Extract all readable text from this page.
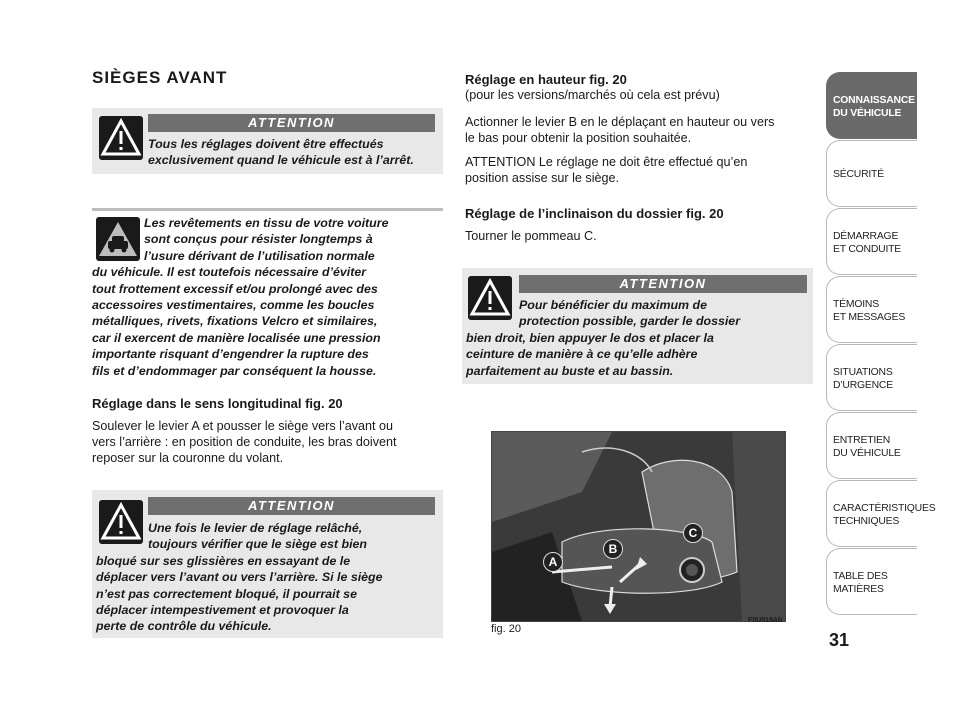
SIÈGES AVANT
ATTENTION

Tous les réglages doivent être effectués
exclusivement quand le véhicule est à l’arrêt.

Les revêtements en tissu de votre voiture
sont conçus pour résister longtemps à
l’usure dérivant de l’utilisation normale
du véhicule. Il est toutefois nécessaire d’éviter
tout frottement excessif et/ou prolongé avec des
accessoires vestimentaires, comme les boucles
métalliques, rivets, fixations Velcro et similaires,
car il exercent de manière localisée une pression
importante risquant d’engendrer la rupture des
fils et d’endommager par conséquent la housse.

Réglage dans le sens longitudinal fig. 20

Soulever le levier A et pousser le siège vers l’avant ou
vers l’arrière : en position de conduite, les bras doivent
reposer sur la couronne du volant.

ATTENTION

Une fois le levier de réglage relâché,
toujours vérifier que le siège est bien
bloqué sur ses glissières en essayant de le
déplacer vers l’avant ou vers l’arrière. Si le siège
n’est pas correctement bloqué, il pourrait se
déplacer intempestivement et provoquer la
perte de contrôle du véhicule.

Réglage en hauteur fig. 20

(pour les versions/marchés où cela est prévu)

Actionner le levier B en le déplaçant en hauteur ou vers
le bas pour obtenir la position souhaitée.

ATTENTION Le réglage ne doit être effectué qu’en
position assise sur le siège.

Réglage de l’inclinaison du dossier fig. 20

Tourner le pommeau C.

ATTENTION

Pour bénéficier du maximum de
protection possible, garder le dossier
bien droit, bien appuyer le dos et placer la
ceinture de manière à ce qu’elle adhère
parfaitement au buste et au bassin.

A
B
C
fig. 20
F0U019Ab
CONNAISSANCE
DU VÉHICULE
SÉCURITÉ
DÉMARRAGE
ET CONDUITE
TÉMOINS
ET MESSAGES
SITUATIONS
D’URGENCE
ENTRETIEN
DU VÉHICULE
CARACTÉRISTIQUES
TECHNIQUES
TABLE DES
MATIÈRES
31
